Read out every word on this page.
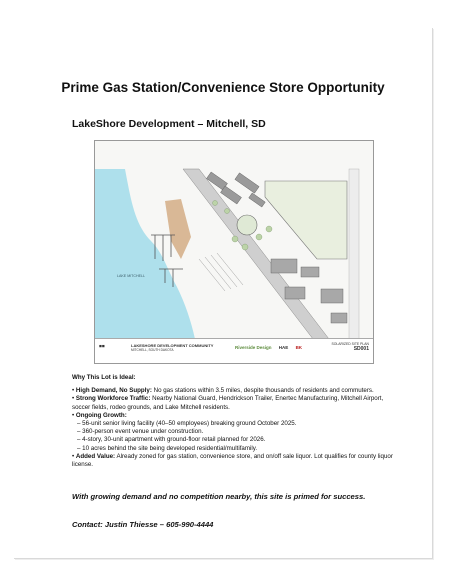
Prime Gas Station/Convenience Store Opportunity
LakeShore Development – Mitchell, SD
LAKE MITCHELL
◼◼	LAKESHORE DEVELOPMENT COMMUNITY
MITCHELL, SOUTH DAKOTA	Riverside Design HAE BK
SOLARIZED SITE PLAN
SD001
Why This Lot is Ideal:
• High Demand, No Supply: No gas stations within 3.5 miles, despite thousands of residents and commuters.
• Strong Workforce Traffic: Nearby National Guard, Hendrickson Trailer, Enertec Manufacturing, Mitchell Airport, soccer fields, rodeo grounds, and Lake Mitchell residents.
• Ongoing Growth:
– 56-unit senior living facility (40–50 employees) breaking ground October 2025.
– 360-person event venue under construction.
– 4-story, 30-unit apartment with ground-floor retail planned for 2026.
– 10 acres behind the site being developed residential/multifamily.
• Added Value: Already zoned for gas station, convenience store, and on/off sale liquor. Lot qualifies for county liquor license.
With growing demand and no competition nearby, this site is primed for success.
Contact: Justin Thiesse – 605-990-4444
